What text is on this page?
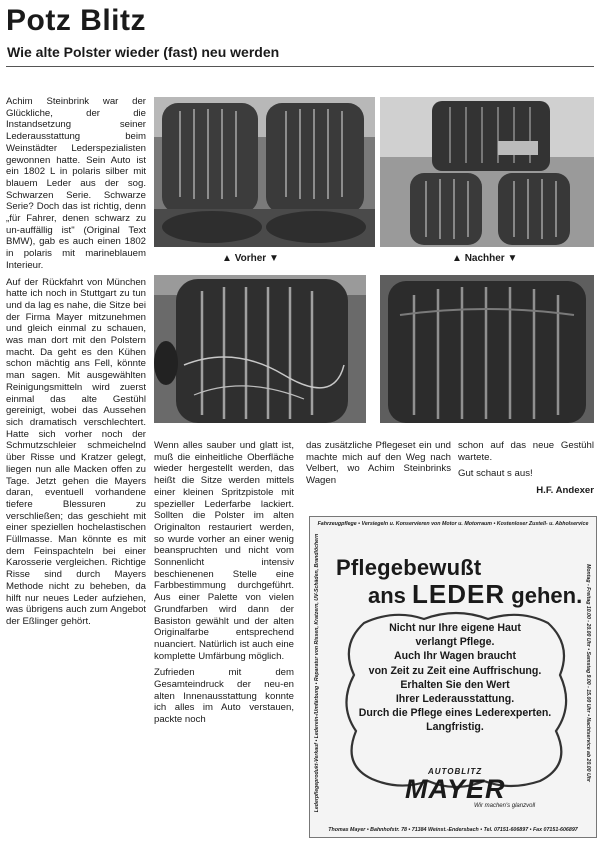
Potz Blitz
Wie alte Polster wieder (fast) neu werden

Achim Steinbrink war der Glückliche, der die Instandsetzung seiner Lederausstattung beim Weinstädter Lederspezialisten gewonnen hatte. Sein Auto ist ein 1802 L in polaris silber mit blauem Leder aus der sog. Schwarzen Serie. Schwarze Serie? Doch das ist richtig, denn „für Fahrer, denen schwarz zu un-auffällig ist" (Original Text BMW), gab es auch einen 1802 in polaris mit marineblauem Interieur.

Auf der Rückfahrt von München hatte ich noch in Stuttgart zu tun und da lag es nahe, die Sitze bei der Firma Mayer mitzunehmen und gleich einmal zu schauen, was man dort mit den Polstern macht. Da geht es den Kühen schon mächtig ans Fell, könnte man sagen. Mit ausgewählten Reinigungsmitteln wird zuerst einmal das alte Gestühl gereinigt, wobei das Aussehen sich dramatisch verschlechtert. Hatte sich vorher noch der Schmutzschleier schmeichelnd über Risse und Kratzer gelegt, liegen nun alle Macken offen zu Tage. Jetzt gehen die Mayers daran, eventuell vorhandene tiefere Blessuren zu verschließen; das geschieht mit einer speziellen hochelastischen Füllmasse. Man könnte es mit dem Feinspachteln bei einer Karosserie vergleichen. Richtige Risse sind durch Mayers Methode nicht zu beheben, da hilft nur neues Leder aufziehen, was übrigens auch zum Angebot der Eßlinger gehört.

▲ Vorher ▼	▲ Nachher ▼

Wenn alles sauber und glatt ist, muß die einheitliche Oberfläche wieder hergestellt werden, das heißt die Sitze werden mittels einer kleinen Spritzpistole mit spezieller Lederfarbe lackiert. Sollten die Polster im alten Originalton restauriert werden, so wurde vorher an einer wenig beanspruchten und nicht vom Sonnenlicht intensiv beschienenen Stelle eine Farbbestimmung durchgeführt. Aus einer Palette von vielen Grundfarben wird dann der Basiston gewählt und der alten Originalfarbe entsprechend nuanciert. Natürlich ist auch eine komplette Umfärbung möglich.

Zufrieden mit dem Gesamteindruck der neu-en alten Innenausstattung konnte ich alles im Auto verstauen, packte noch

das zusätzliche Pflegeset ein und machte mich auf den Weg nach Velbert, wo Achim Steinbrinks Wagen

schon auf das neue Gestühl wartete.

Gut schaut s aus!

H.F. Andexer
Fahrzeugpflege • Versiegeln u. Konservieren von Motor u. Motorraum • Kostenloser Zustell- u. Abholservice
Lederpflegeprodukt-Verkauf • Lederein-/Umfärbung • Reparatur von Rissen, Kratzern, UV-Schäden, Brandlöchern	Montag - Freitag 10.00 - 20.00 Uhr • Samstag 9.00 - 15.00 Uhr • Nachtservice ab 20.00 Uhr
Pflegebewußt
ans LEDER gehen.
Nicht nur Ihre eigene Haut
verlangt Pflege.
Auch Ihr Wagen braucht
von Zeit zu Zeit eine Auffrischung.
Erhalten Sie den Wert
Ihrer Lederausstattung.
Durch die Pflege eines Lederexperten.
Langfristig.
AUTOBLITZ
MAYER
Wir machen's glanzvoll
Thomas Mayer • Bahnhofstr. 78 • 71384 Weinst.-Endersbach • Tel. 07151-606897 • Fax 07151-606897
